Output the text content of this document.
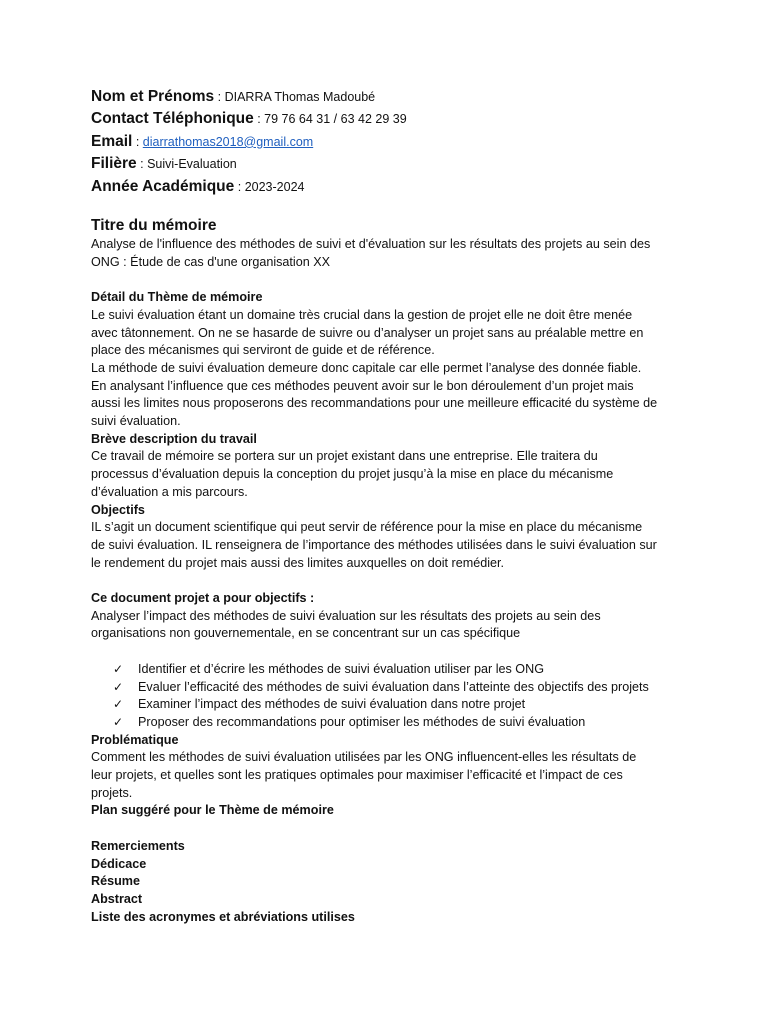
Nom et Prénoms : DIARRA Thomas Madoubé
Contact Téléphonique : 79 76 64 31 / 63 42 29 39
Email : diarrathomas2018@gmail.com
Filière : Suivi-Evaluation
Année Académique : 2023-2024
Titre du mémoire

Analyse de l'influence des méthodes de suivi et d'évaluation sur les résultats des projets au sein des

ONG : Étude de cas d'une organisation XX

Détail du Thème de mémoire

Le suivi évaluation étant un domaine très crucial dans la gestion de projet elle ne doit être menée

avec tâtonnement. On ne se hasarde de suivre ou d’analyser un projet sans au préalable mettre en

place des mécanismes qui serviront de guide et de référence.

La méthode de suivi évaluation demeure donc capitale car elle permet l’analyse des donnée fiable.

En analysant l’influence que ces méthodes peuvent avoir sur le bon déroulement d’un projet mais

aussi les limites nous proposerons des recommandations pour une meilleure efficacité du système de

suivi évaluation.

Brève description du travail

Ce travail de mémoire se portera sur un projet existant dans une entreprise. Elle traitera du

processus d’évaluation depuis la conception du projet jusqu’à la mise en place du mécanisme

d’évaluation a mis parcours.

Objectifs

IL s’agit un document scientifique qui peut servir de référence pour la mise en place du mécanisme

de suivi évaluation. IL renseignera de l’importance des méthodes utilisées dans le suivi évaluation sur

le rendement du projet mais aussi des limites auxquelles on doit remédier.

Ce document projet a pour objectifs :

Analyser l’impact des méthodes de suivi évaluation sur les résultats des projets au sein des

organisations non gouvernementale, en se concentrant sur un cas spécifique

✓ Identifier et d’écrire les méthodes de suivi évaluation utiliser par les ONG
✓ Evaluer l’efficacité des méthodes de suivi évaluation dans l’atteinte des objectifs des projets
✓ Examiner l’impact des méthodes de suivi évaluation dans notre projet
✓ Proposer des recommandations pour optimiser les méthodes de suivi évaluation

Problématique

Comment les méthodes de suivi évaluation utilisées par les ONG influencent-elles les résultats de

leur projets, et quelles sont les pratiques optimales pour maximiser l’efficacité et l’impact de ces

projets.

Plan suggéré pour le Thème de mémoire

Remerciements

Dédicace

Résume

Abstract

Liste des acronymes et abréviations utilises
